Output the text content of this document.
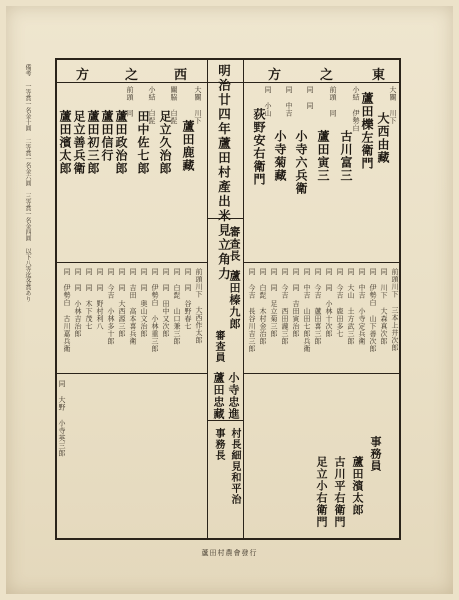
備考 一等賞一名金十圓 二等賞一名金六圓 三等賞一名金四圓 以下八等迄各賞あり	西
之
方	東
之
方
大關 川下
大西由藏
蘆田櫟左衛門
小結 伊勢白
古川富三
前頭 同
蘆田寅三
同 同
小寺六兵衛
同 中吉
小寺菊藏
同 小山
荻野安右衛門
大關 川下
蘆田鹿藏
關脇 白髭
足立久治郎
小結 白髭
田中佐七郎
前頭 同
蘆田政治郎
蘆田信行
蘆田初三郎
足立善兵衛
蘆田濱太郎
前頭川下 三本上井次郎
同 川下 大森真次郎
同 伊勢白 山下善次郎
同 中吉 小寺定兵衛
同 大山 土方武三郎
同 今吉 鹿田多七
同 同 小林十次郎
同 今吉 蘆田喜三郎
同 中吉 山田七郎兵衛
同 同 吉田寅治郎
同 今吉 西田瀧三郎
同 同 足立菊三郎
同 白髭 木村金治郎
同 今吉 長谷川吉三郎
前頭川下 大西作太郎
同 同 谷野春七
同 白髭 山口兼三郎
同 同 田中又次郎
同 伊勢白 小林重三郎
同 同 奥山文治郎
同 吉田 高本喜兵衛
同 同 大西源三郎
同 今吉 小林多十郎
同 同 野村利八
同 同 木下茂七
同 同 小林吉治郎
同 伊勢白 古川嘉兵衛
同 大野 小寺英三郎
明治廿四年蘆田村產出米見立角力
審查長
蘆田榛九郎
審查員
小寺忠進
蘆田忠藏
事務長 村長細見和平治	事務員
蘆田濱太郎
古川平右衛門
足立小右衛門
蘆田村農會發行
